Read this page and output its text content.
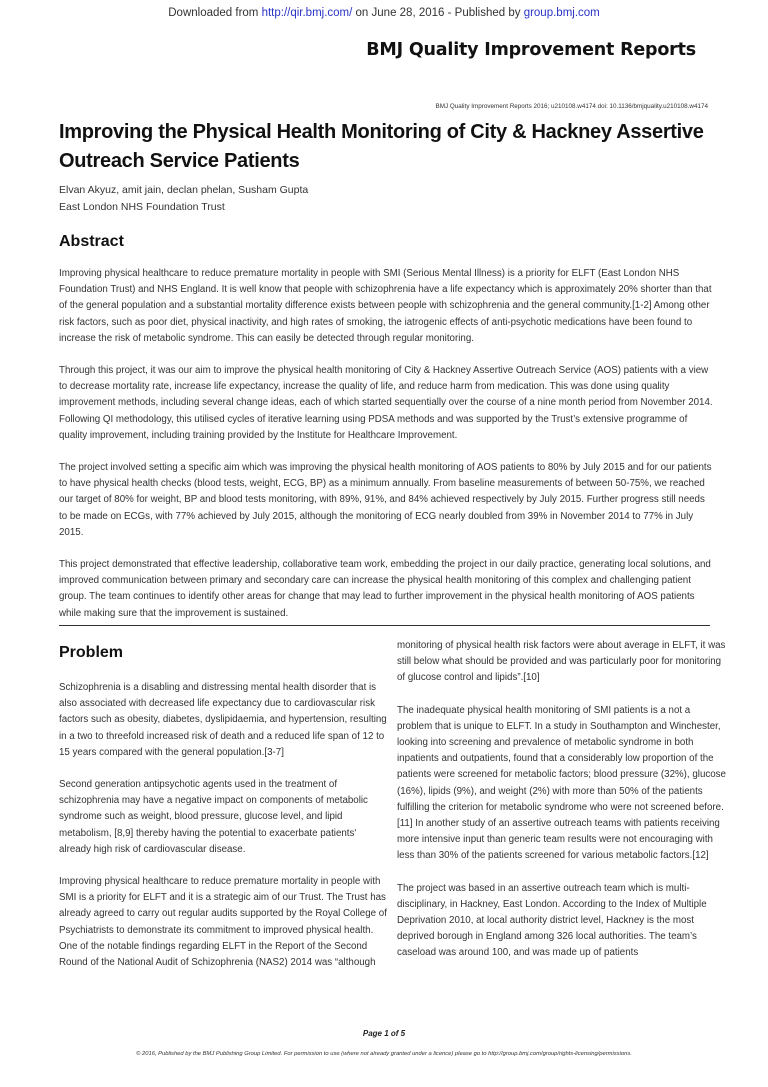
Downloaded from http://qir.bmj.com/ on June 28, 2016 - Published by group.bmj.com
BMJ Quality Improvement Reports
BMJ Quality Improvement Reports 2016; u210108.w4174 doi: 10.1136/bmjquality.u210108.w4174
Improving the Physical Health Monitoring of City & Hackney Assertive Outreach Service Patients
Elvan Akyuz, amit jain, declan phelan, Susham Gupta
East London NHS Foundation Trust
Abstract

Improving physical healthcare to reduce premature mortality in people with SMI (Serious Mental Illness) is a priority for ELFT (East London NHS Foundation Trust) and NHS England. It is well know that people with schizophrenia have a life expectancy which is approximately 20% shorter than that of the general population and a substantial mortality difference exists between people with schizophrenia and the general community.[1-2] Among other risk factors, such as poor diet, physical inactivity, and high rates of smoking, the iatrogenic effects of anti-psychotic medications have been found to increase the risk of metabolic syndrome. This can easily be detected through regular monitoring.

Through this project, it was our aim to improve the physical health monitoring of City & Hackney Assertive Outreach Service (AOS) patients with a view to decrease mortality rate, increase life expectancy, increase the quality of life, and reduce harm from medication. This was done using quality improvement methods, including several change ideas, each of which started sequentially over the course of a nine month period from November 2014. Following QI methodology, this utilised cycles of iterative learning using PDSA methods and was supported by the Trust’s extensive programme of quality improvement, including training provided by the Institute for Healthcare Improvement.

The project involved setting a specific aim which was improving the physical health monitoring of AOS patients to 80% by July 2015 and for our patients to have physical health checks (blood tests, weight, ECG, BP) as a minimum annually. From baseline measurements of between 50-75%, we reached our target of 80% for weight, BP and blood tests monitoring, with 89%, 91%, and 84% achieved respectively by July 2015. Further progress still needs to be made on ECGs, with 77% achieved by July 2015, although the monitoring of ECG nearly doubled from 39% in November 2014 to 77% in July 2015.

This project demonstrated that effective leadership, collaborative team work, embedding the project in our daily practice, generating local solutions, and improved communication between primary and secondary care can increase the physical health monitoring of this complex and challenging patient group. The team continues to identify other areas for change that may lead to further improvement in the physical health monitoring of AOS patients while making sure that the improvement is sustained.

Problem

Schizophrenia is a disabling and distressing mental health disorder that is also associated with decreased life expectancy due to cardiovascular risk factors such as obesity, diabetes, dyslipidaemia, and hypertension, resulting in a two to threefold increased risk of death and a reduced life span of 12 to 15 years compared with the general population.[3-7]

Second generation antipsychotic agents used in the treatment of schizophrenia may have a negative impact on components of metabolic syndrome such as weight, blood pressure, glucose level, and lipid metabolism, [8,9] thereby having the potential to exacerbate patients' already high risk of cardiovascular disease.

Improving physical healthcare to reduce premature mortality in people with SMI is a priority for ELFT and it is a strategic aim of our Trust. The Trust has already agreed to carry out regular audits supported by the Royal College of Psychiatrists to demonstrate its commitment to improved physical health. One of the notable findings regarding ELFT in the Report of the Second Round of the National Audit of Schizophrenia (NAS2) 2014 was “although

monitoring of physical health risk factors were about average in ELFT, it was still below what should be provided and was particularly poor for monitoring of glucose control and lipids”.[10]

The inadequate physical health monitoring of SMI patients is a not a problem that is unique to ELFT. In a study in Southampton and Winchester, looking into screening and prevalence of metabolic syndrome in both inpatients and outpatients, found that a considerably low proportion of the patients were screened for metabolic factors; blood pressure (32%), glucose (16%), lipids (9%), and weight (2%) with more than 50% of the patients fulfilling the criterion for metabolic syndrome who were not screened before.[11] In another study of an assertive outreach teams with patients receiving more intensive input than generic team results were not encouraging with less than 30% of the patients screened for various metabolic factors.[12]

The project was based in an assertive outreach team which is multi-disciplinary, in Hackney, East London. According to the Index of Multiple Deprivation 2010, at local authority district level, Hackney is the most deprived borough in England among 326 local authorities. The team’s caseload was around 100, and was made up of patients

Page 1 of 5
© 2016, Published by the BMJ Publishing Group Limited. For permission to use (where not already granted under a licence) please go to http://group.bmj.com/group/rights-licensing/permissions.
